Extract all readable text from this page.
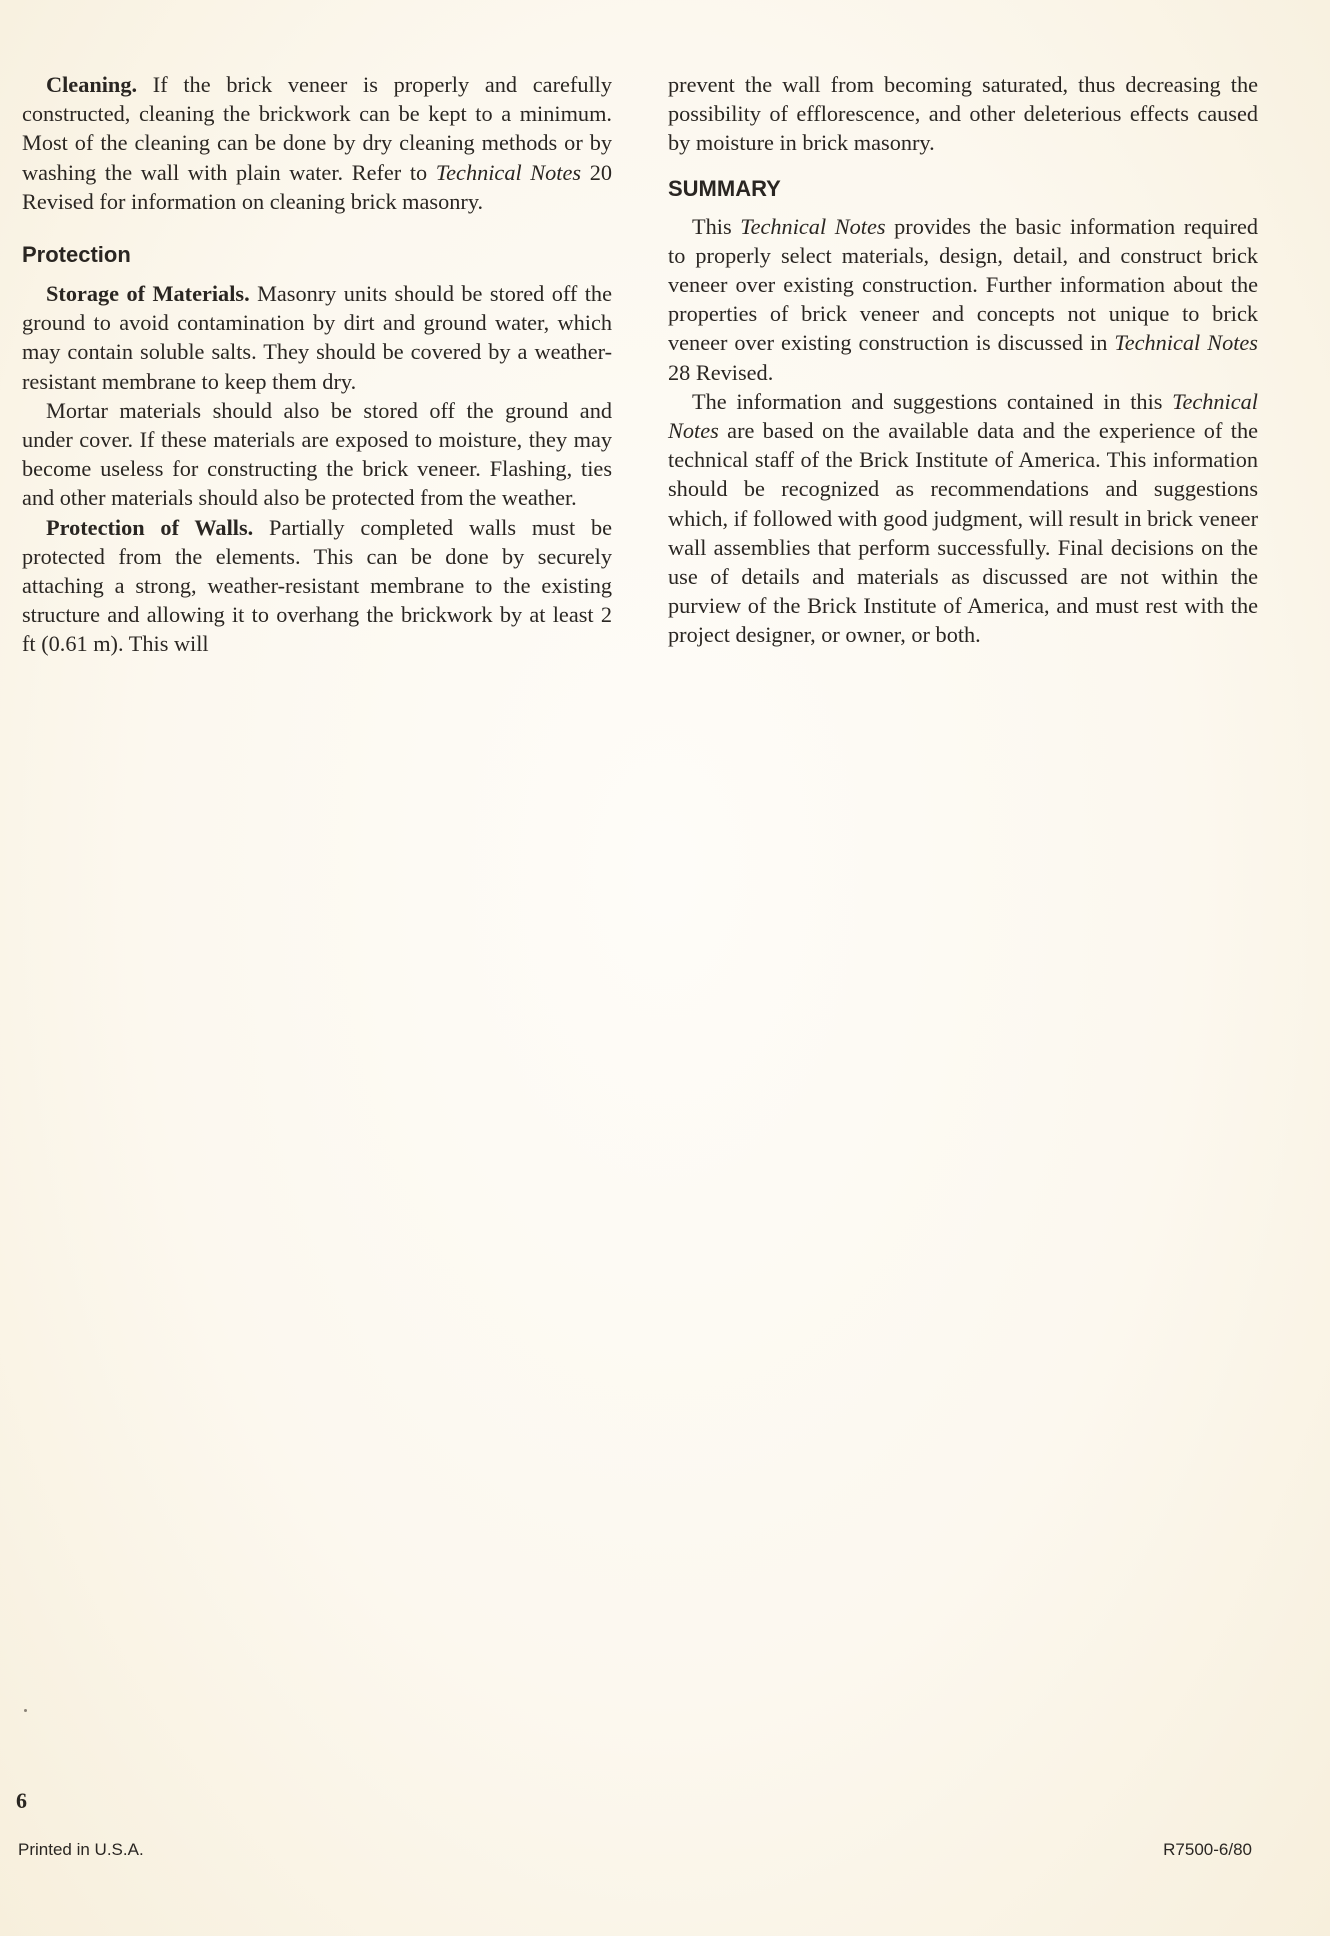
Cleaning. If the brick veneer is properly and carefully constructed, cleaning the brickwork can be kept to a minimum. Most of the cleaning can be done by dry cleaning methods or by washing the wall with plain water. Refer to Technical Notes 20 Revised for information on cleaning brick masonry.

Protection

Storage of Materials. Masonry units should be stored off the ground to avoid contamination by dirt and ground water, which may contain soluble salts. They should be covered by a weather-resistant membrane to keep them dry.

Mortar materials should also be stored off the ground and under cover. If these materials are exposed to moisture, they may become useless for constructing the brick veneer. Flashing, ties and other materials should also be protected from the weather.

Protection of Walls. Partially completed walls must be protected from the elements. This can be done by securely attaching a strong, weather-resistant membrane to the existing structure and allowing it to overhang the brickwork by at least 2 ft (0.61 m). This will

prevent the wall from becoming saturated, thus decreasing the possibility of efflorescence, and other deleterious effects caused by moisture in brick masonry.

SUMMARY

This Technical Notes provides the basic information required to properly select materials, design, detail, and construct brick veneer over existing construction. Further information about the properties of brick veneer and concepts not unique to brick veneer over existing construction is discussed in Technical Notes 28 Revised.

The information and suggestions contained in this Technical Notes are based on the available data and the experience of the technical staff of the Brick Institute of America. This information should be recognized as recommendations and suggestions which, if followed with good judgment, will result in brick veneer wall assemblies that perform successfully. Final decisions on the use of details and materials as discussed are not within the purview of the Brick Institute of America, and must rest with the project designer, or owner, or both.

6
Printed in U.S.A.	R7500-6/80
